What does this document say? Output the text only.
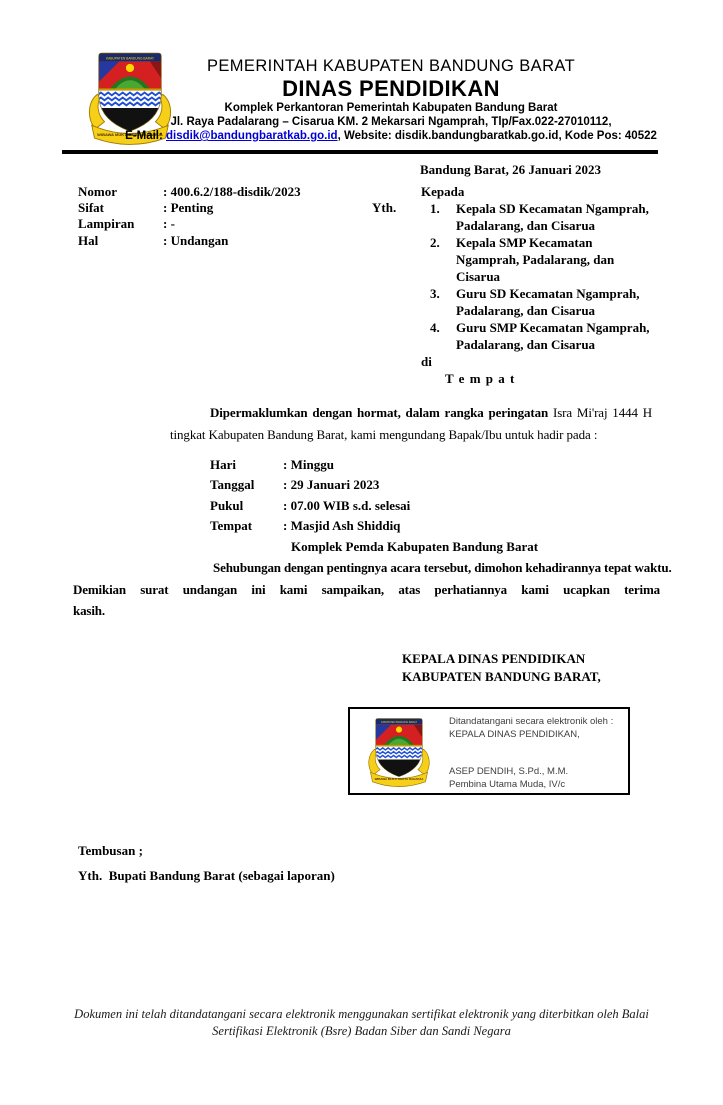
PEMERINTAH KABUPATEN BANDUNG BARAT
DINAS PENDIDIKAN
Komplek Perkantoran Pemerintah Kabupaten Bandung Barat
Jl. Raya Padalarang – Cisarua KM. 2 Mekarsari Ngamprah, Tlp/Fax.022-27010112,
E-Mail: disdik@bandungbaratkab.go.id, Website: disdik.bandungbaratkab.go.id, Kode Pos: 40522
Bandung Barat, 26 Januari 2023
Nomor	: 400.6.2/188-disdik/2023
Sifat	: Penting
Lampiran	: -
Hal	: Undangan
Yth.
Kepada
1.	Kepala SD Kecamatan Ngamprah, Padalarang, dan Cisarua
2.	Kepala SMP Kecamatan Ngamprah, Padalarang, dan Cisarua
3.	Guru SD Kecamatan Ngamprah, Padalarang, dan Cisarua
4.	Guru SMP Kecamatan Ngamprah, Padalarang, dan Cisarua
di
T e m p a t
Dipermaklumkan dengan hormat, dalam rangka peringatan Isra Mi'raj 1444 H
tingkat Kabupaten Bandung Barat, kami mengundang Bapak/Ibu untuk hadir pada :
Hari	: Minggu
Tanggal	: 29 Januari 2023
Pukul	: 07.00 WIB s.d. selesai
Tempat	: Masjid Ash Shiddiq
Komplek Pemda Kabupaten Bandung Barat
Sehubungan dengan pentingnya acara tersebut, dimohon kehadirannya tepat waktu.
Demikian surat undangan ini kami sampaikan, atas perhatiannya kami ucapkan terima
kasih.
KEPALA DINAS PENDIDIKAN
KABUPATEN BANDUNG BARAT,
Ditandatangani secara elektronik oleh :
KEPALA DINAS PENDIDIKAN,
ASEP DENDIH, S.Pd., M.M.
Pembina Utama Muda, IV/c
Tembusan ;
Yth.  Bupati Bandung Barat (sebagai laporan)
Dokumen ini telah ditandatangani secara elektronik menggunakan sertifikat elektronik yang diterbitkan oleh Balai Sertifikasi Elektronik (Bsre) Badan Siber dan Sandi Negara
